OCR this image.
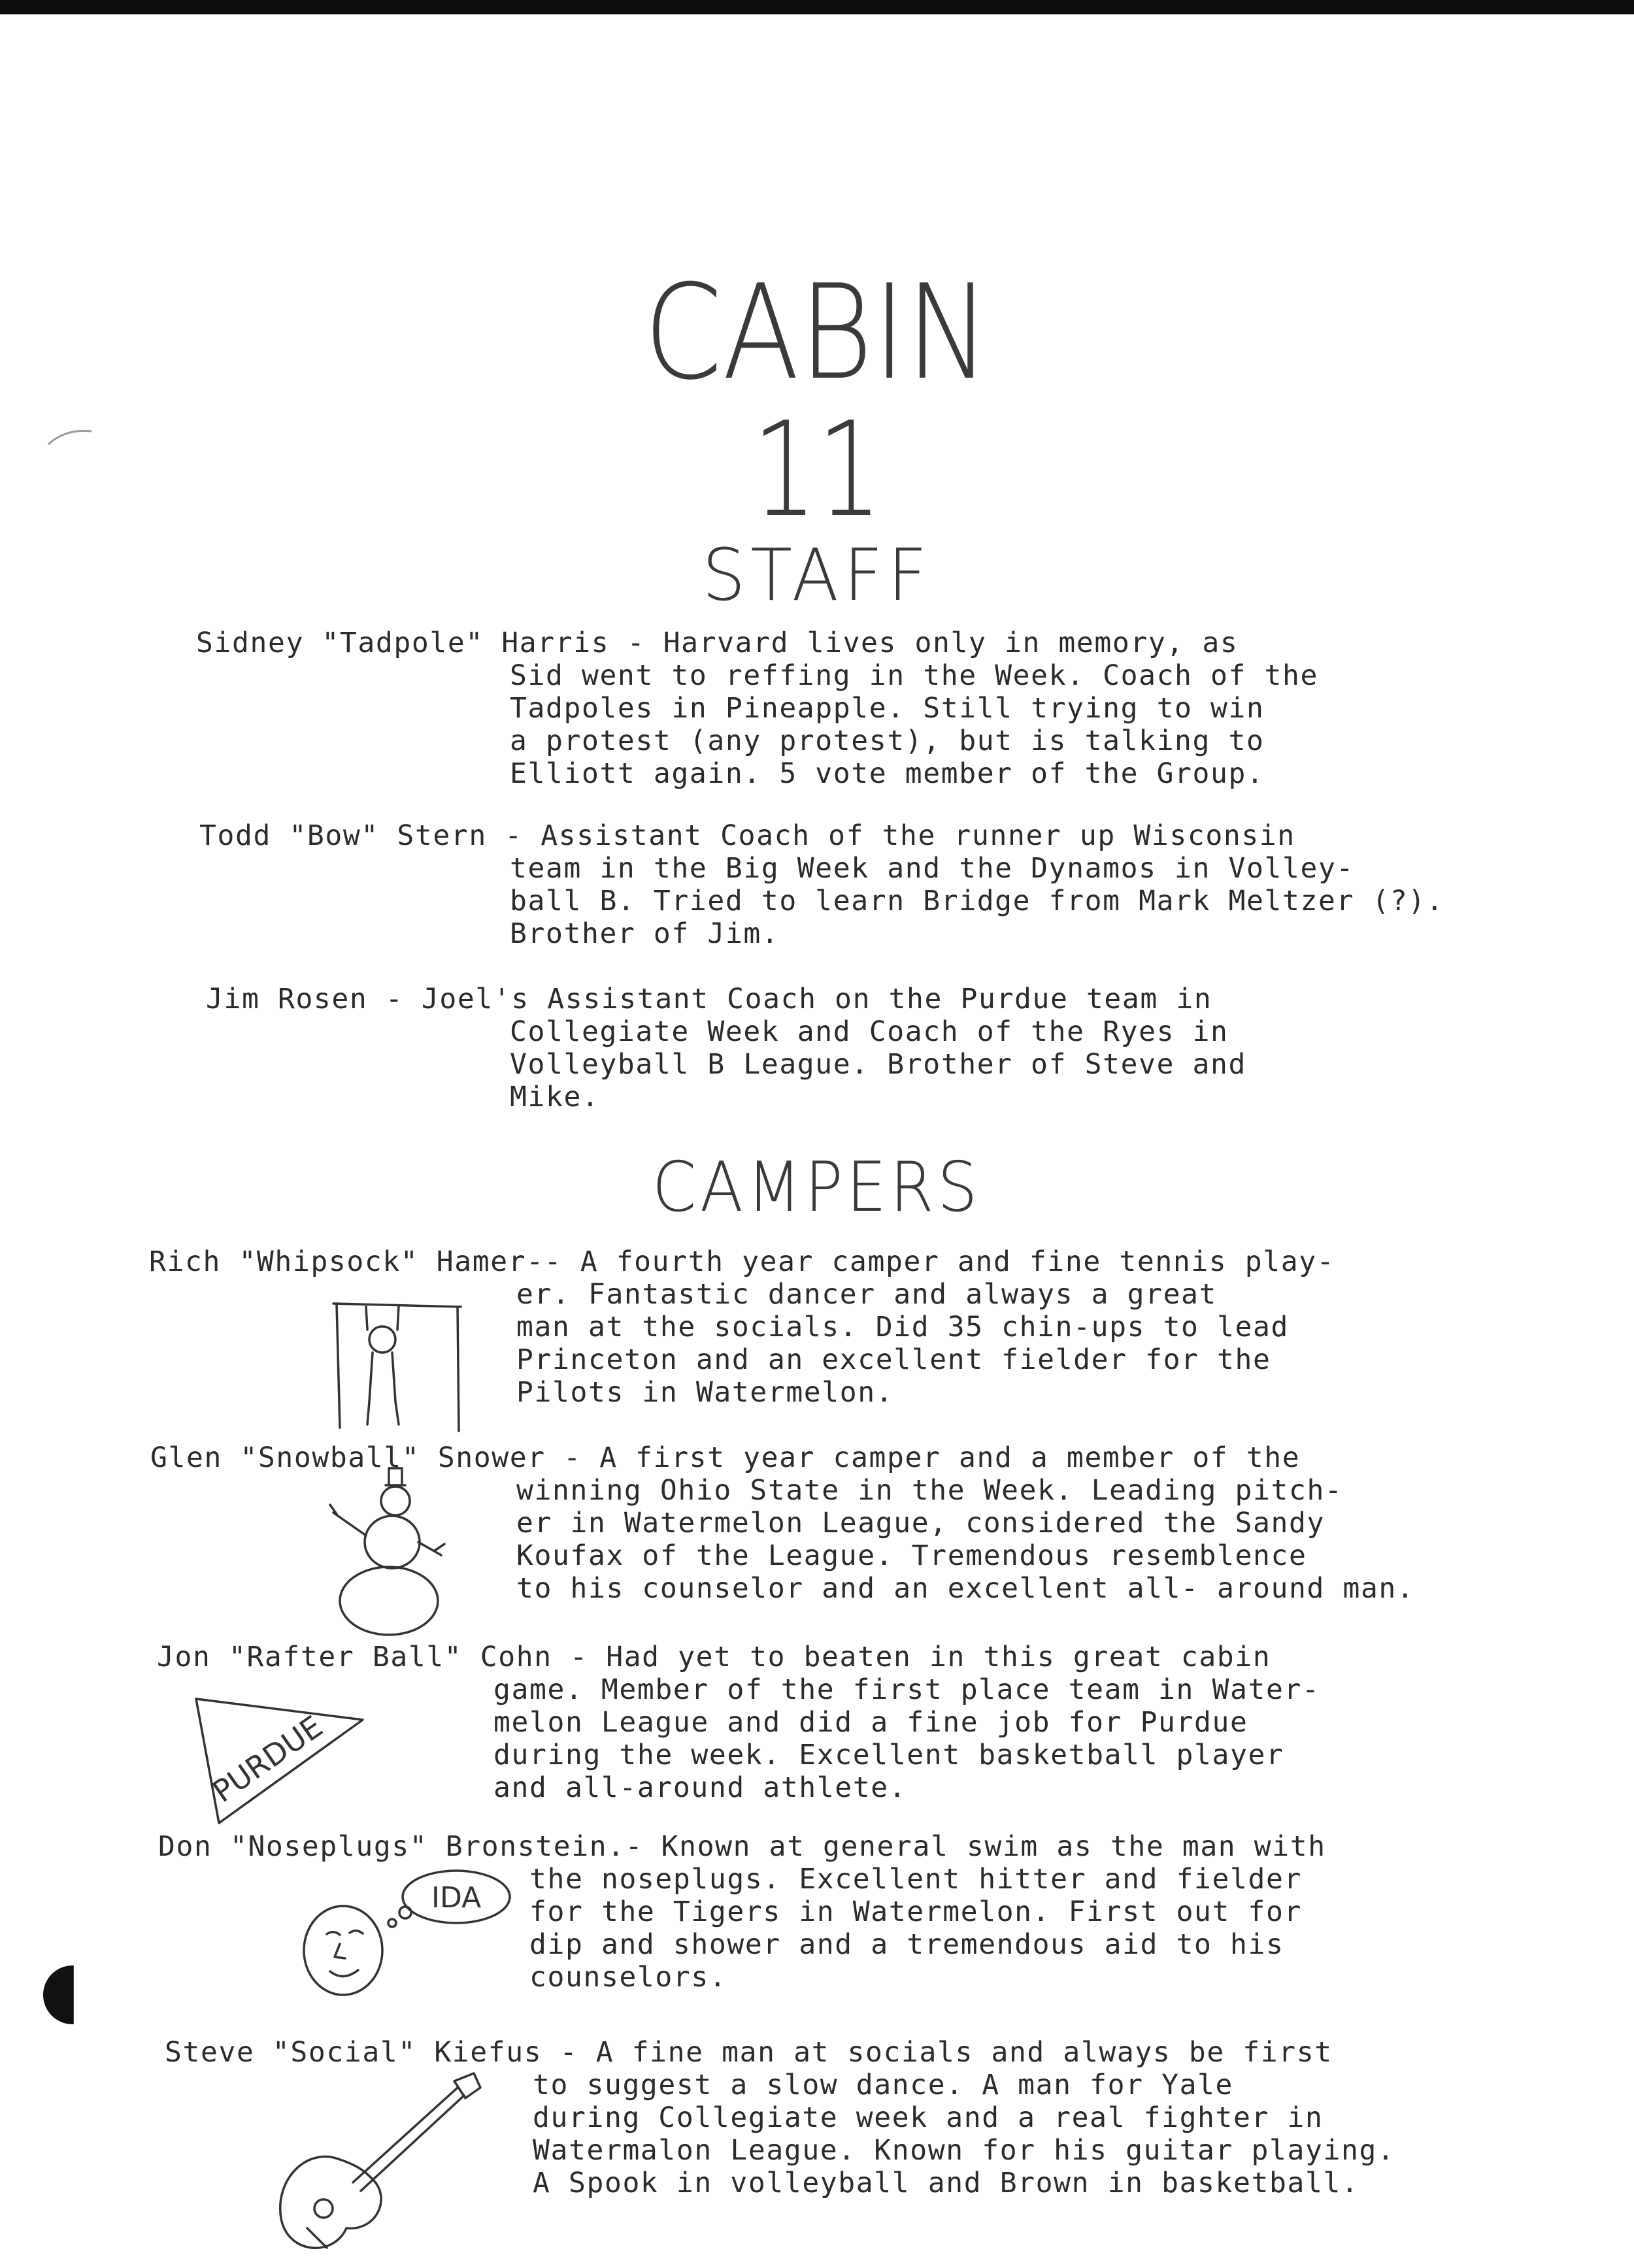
CABIN
11
STAFF
Sidney "Tadpole" Harris - Harvard lives only in memory, as
Sid went to reffing in the Week. Coach of the
Tadpoles in Pineapple. Still trying to win
a protest (any protest), but is talking to
Elliott again. 5 vote member of the Group.
Todd "Bow" Stern - Assistant Coach of the runner up Wisconsin
team in the Big Week and the Dynamos in Volley-
ball B. Tried to learn Bridge from Mark Meltzer (?).
Brother of Jim.
Jim Rosen - Joel's Assistant Coach on the Purdue team in
Collegiate Week and Coach of the Ryes in
Volleyball B League. Brother of Steve and
Mike.
CAMPERS
Rich "Whipsock" Hamer-- A fourth year camper and fine tennis play-
er. Fantastic dancer and always a great
man at the socials. Did 35 chin-ups to lead
Princeton and an excellent fielder for the
Pilots in Watermelon.
Glen "Snowball" Snower - A first year camper and a member of the
winning Ohio State in the Week. Leading pitch-
er in Watermelon League, considered the Sandy
Koufax of the League. Tremendous resemblence
to his counselor and an excellent all- around man.
Jon "Rafter Ball" Cohn - Had yet to beaten in this great cabin
game. Member of the first place team in Water-
melon League and did a fine job for Purdue
during the week. Excellent basketball player
and all-around athlete.
PURDUE
Don "Noseplugs" Bronstein.- Known at general swim as the man with
the noseplugs. Excellent hitter and fielder
for the Tigers in Watermelon. First out for
dip and shower and a tremendous aid to his
counselors.
IDA
Steve "Social" Kiefus - A fine man at socials and always be first
to suggest a slow dance. A man for Yale
during Collegiate week and a real fighter in
Watermalon League. Known for his guitar playing.
A Spook in volleyball and Brown in basketball.
